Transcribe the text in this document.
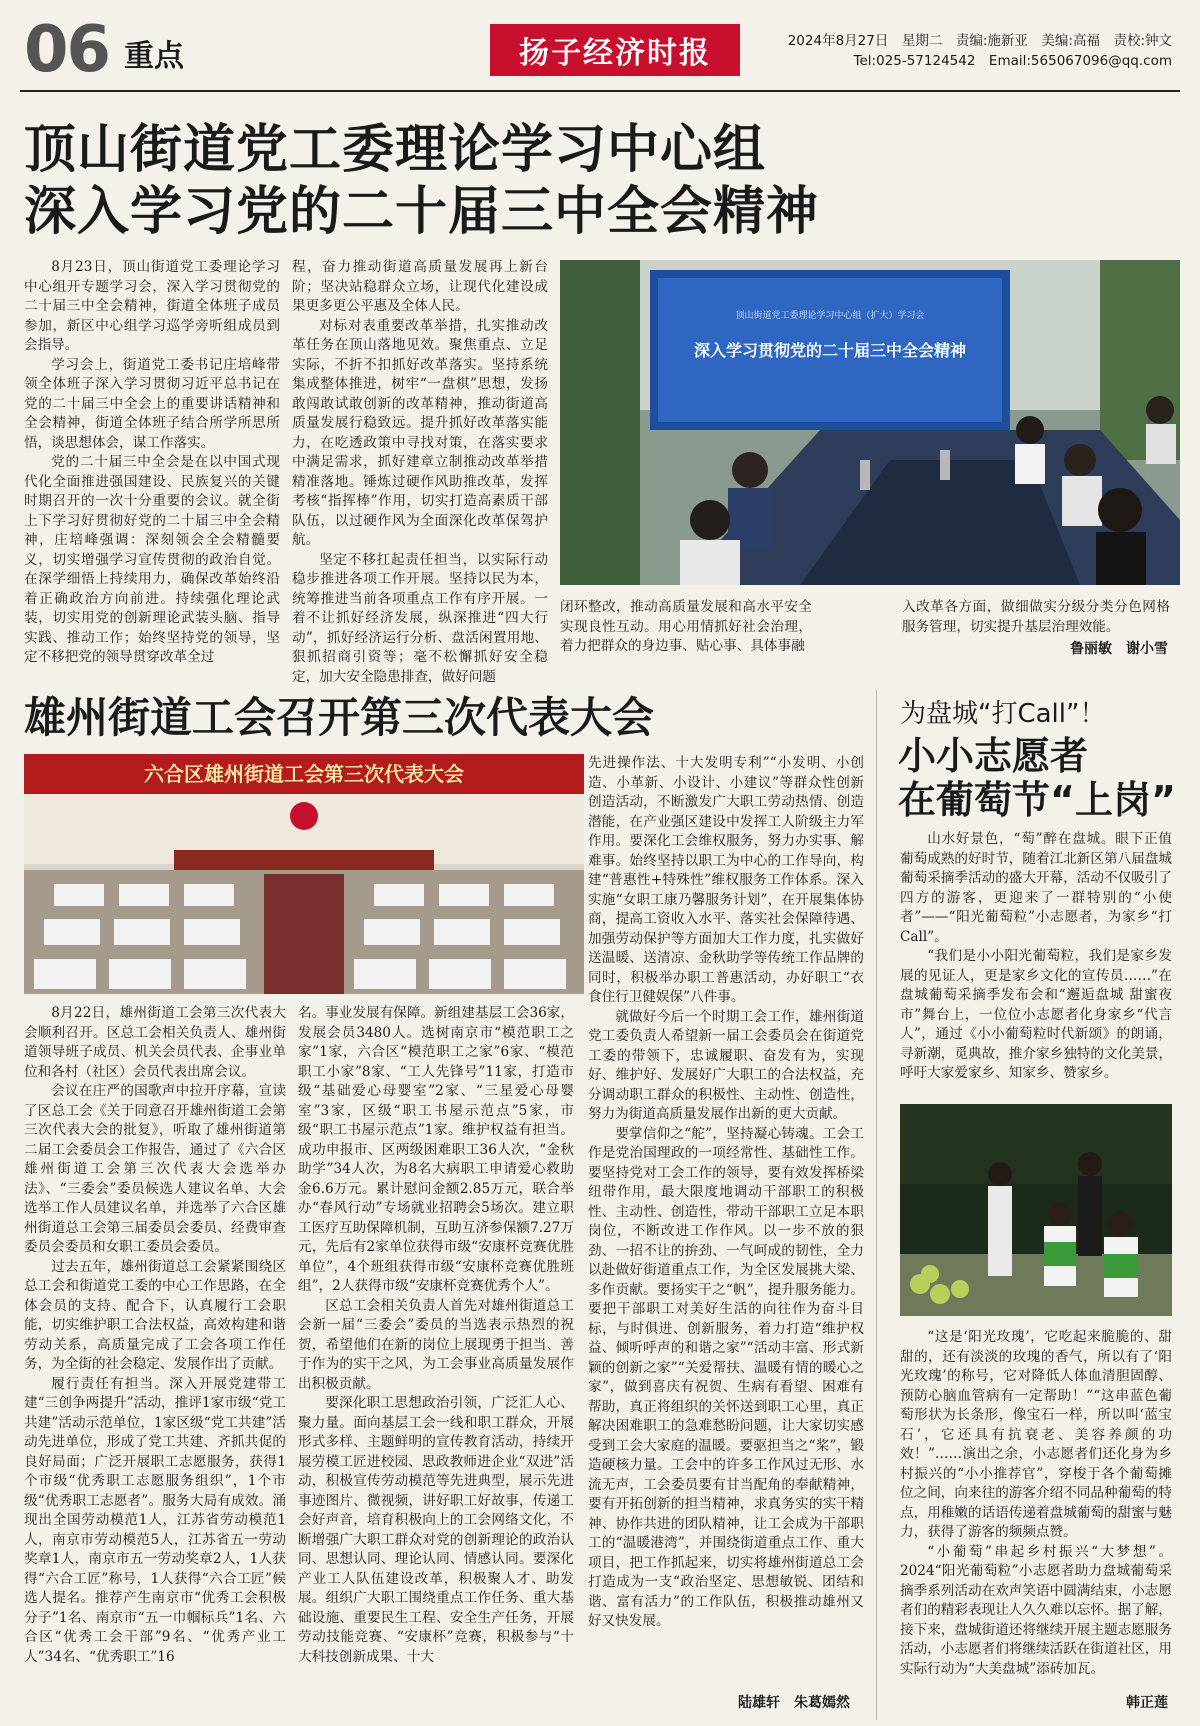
06 重点	扬子经济时报	2024年8月27日　星期二　责编:施新亚　美编:高福　责校:钟文
Tel:025-57124542　Email:565067096@qq.com
顶山街道党工委理论学习中心组
深入学习党的二十届三中全会精神

8月23日，顶山街道党工委理论学习中心组开专题学习会，深入学习贯彻党的二十届三中全会精神，街道全体班子成员参加，新区中心组学习巡学旁听组成员到会指导。

学习会上，街道党工委书记庄培峰带领全体班子深入学习贯彻习近平总书记在党的二十届三中全会上的重要讲话精神和全会精神，街道全体班子结合所学所思所悟，谈思想体会，谋工作落实。

党的二十届三中全会是在以中国式现代化全面推进强国建设、民族复兴的关键时期召开的一次十分重要的会议。就全街上下学习好贯彻好党的二十届三中全会精神，庄培峰强调：深刻领会全会精髓要义，切实增强学习宣传贯彻的政治自觉。在深学细悟上持续用力，确保改革始终沿着正确政治方向前进。持续强化理论武装，切实用党的创新理论武装头脑、指导实践、推动工作；始终坚持党的领导，坚定不移把党的领导贯穿改革全过

程，奋力推动街道高质量发展再上新台阶；坚决站稳群众立场，让现代化建设成果更多更公平惠及全体人民。

对标对表重要改革举措，扎实推动改革任务在顶山落地见效。聚焦重点、立足实际，不折不扣抓好改革落实。坚持系统集成整体推进，树牢“一盘棋”思想，发扬敢闯敢试敢创新的改革精神，推动街道高质量发展行稳致远。提升抓好改革落实能力，在吃透政策中寻找对策，在落实要求中满足需求，抓好建章立制推动改革举措精准落地。锤炼过硬作风助推改革，发挥考核“指挥棒”作用，切实打造高素质干部队伍，以过硬作风为全面深化改革保驾护航。

坚定不移扛起责任担当，以实际行动稳步推进各项工作开展。坚持以民为本，统筹推进当前各项重点工作有序开展。一着不让抓好经济发展，纵深推进“四大行动”，抓好经济运行分析、盘活闲置用地、狠抓招商引资等；毫不松懈抓好安全稳定，加大安全隐患排查，做好问题

顶山街道党工委理论学习中心组（扩大）学习会
深入学习贯彻党的二十届三中全会精神

闭环整改，推动高质量发展和高水平安全实现良性互动。用心用情抓好社会治理，着力把群众的身边事、贴心事、具体事融

入改革各方面，做细做实分级分类分色网格服务管理，切实提升基层治理效能。

鲁丽敏　谢小雪
雄州街道工会召开第三次代表大会
六合区雄州街道工会第三次代表大会

8月22日，雄州街道工会第三次代表大会顺利召开。区总工会相关负责人、雄州街道领导班子成员、机关会员代表、企事业单位和各村（社区）会员代表出席会议。

会议在庄严的国歌声中拉开序幕，宣读了区总工会《关于同意召开雄州街道工会第三次代表大会的批复》，听取了雄州街道第二届工会委员会工作报告，通过了《六合区雄州街道工会第三次代表大会选举办法》、“三委会”委员候选人建议名单、大会选举工作人员建议名单，并选举了六合区雄州街道总工会第三届委员会委员、经费审查委员会委员和女职工委员会委员。

过去五年，雄州街道总工会紧紧围绕区总工会和街道党工委的中心工作思路，在全体会员的支持、配合下，认真履行工会职能，切实维护职工合法权益，高效构建和谐劳动关系，高质量完成了工会各项工作任务，为全街的社会稳定、发展作出了贡献。

履行责任有担当。深入开展党建带工建“三创争两提升”活动，推评1家市级“党工共建”活动示范单位，1家区级“党工共建”活动先进单位，形成了党工共建、齐抓共促的良好局面；广泛开展职工志愿服务，获得1个市级“优秀职工志愿服务组织”，1个市级“优秀职工志愿者”。服务大局有成效。涌现出全国劳动模范1人，江苏省劳动模范1人，南京市劳动模范5人，江苏省五一劳动奖章1人，南京市五一劳动奖章2人，1人获得“六合工匠”称号，1人获得“六合工匠”候选人提名。推荐产生南京市“优秀工会积极分子”1名、南京市“五一巾帼标兵”1名、六合区“优秀工会干部”9名、“优秀产业工人”34名、“优秀职工”16

名。事业发展有保障。新组建基层工会36家，发展会员3480人。选树南京市“模范职工之家”1家，六合区“模范职工之家”6家、“模范职工小家”8家、“工人先锋号”11家，打造市级“基础爱心母婴室”2家、“三星爱心母婴室”3家，区级“职工书屋示范点”5家，市级“职工书屋示范点”1家。维护权益有担当。成功申报市、区两级困难职工36人次，“金秋助学”34人次，为8名大病职工申请爱心救助金6.6万元。累计慰问金额2.85万元，联合举办“春风行动”专场就业招聘会5场次。建立职工医疗互助保障机制，互助互济参保额7.27万元，先后有2家单位获得市级“安康杯竞赛优胜单位”，4个班组获得市级“安康杯竞赛优胜班组”，2人获得市级“安康杯竞赛优秀个人”。

区总工会相关负责人首先对雄州街道总工会新一届“三委会”委员的当选表示热烈的祝贺，希望他们在新的岗位上展现勇于担当、善于作为的实干之风，为工会事业高质量发展作出积极贡献。

要深化职工思想政治引领，广泛汇人心、聚力量。面向基层工会一线和职工群众，开展形式多样、主题鲜明的宣传教育活动，持续开展劳模工匠进校园、思政教师进企业“双进”活动，积极宣传劳动模范等先进典型，展示先进事迹图片、微视频，讲好职工好故事，传递工会好声音，培育积极向上的工会网络文化，不断增强广大职工群众对党的创新理论的政治认同、思想认同、理论认同、情感认同。要深化产业工人队伍建设改革，积极聚人才、助发展。组织广大职工围绕重点工作任务、重大基础设施、重要民生工程、安全生产任务，开展劳动技能竞赛、“安康杯”竞赛，积极参与“十大科技创新成果、十大

先进操作法、十大发明专利”“小发明、小创造、小革新、小设计、小建议”等群众性创新创造活动，不断激发广大职工劳动热情、创造潜能，在产业强区建设中发挥工人阶级主力军作用。要深化工会维权服务，努力办实事、解难事。始终坚持以职工为中心的工作导向，构建“普惠性+特殊性”维权服务工作体系。深入实施“女职工康乃馨服务计划”，在开展集体协商，提高工资收入水平、落实社会保障待遇、加强劳动保护等方面加大工作力度，扎实做好送温暖、送清凉、金秋助学等传统工作品牌的同时，积极举办职工普惠活动，办好职工“衣食住行卫健娱保”八件事。

就做好今后一个时期工会工作，雄州街道党工委负责人希望新一届工会委员会在街道党工委的带领下，忠诚履职、奋发有为，实现好、维护好、发展好广大职工的合法权益，充分调动职工群众的积极性、主动性、创造性，努力为街道高质量发展作出新的更大贡献。

要掌信仰之“舵”，坚持凝心铸魂。工会工作是党治国理政的一项经常性、基础性工作。要坚持党对工会工作的领导，要有效发挥桥梁纽带作用，最大限度地调动干部职工的积极性、主动性、创造性，带动干部职工立足本职岗位，不断改进工作作风。以一步不放的狠劲、一招不让的拚劲、一气呵成的韧性，全力以赴做好街道重点工作，为全区发展挑大梁、多作贡献。要扬实干之“帆”，提升服务能力。要把干部职工对美好生活的向往作为奋斗目标，与时俱进、创新服务，着力打造“维护权益、倾听呼声的和谐之家”“活动丰富、形式新颖的创新之家”“关爱帮扶、温暖有情的暖心之家”，做到喜庆有祝贺、生病有看望、困难有帮助，真正将组织的关怀送到职工心里，真正解决困难职工的急难愁盼问题，让大家切实感受到工会大家庭的温暖。要驱担当之“桨”，锻造硬核力量。工会中的许多工作风过无形、水流无声，工会委员要有甘当配角的奉献精神，要有开拓创新的担当精神，求真务实的实干精神、协作共进的团队精神，让工会成为干部职工的“温暖港湾”，并围绕街道重点工作、重大项目，把工作抓起来，切实将雄州街道总工会打造成为一支“政治坚定、思想敏锐、团结和谐、富有活力”的工作队伍，积极推动雄州又好又快发展。

陆雄轩　朱葛嫣然
为盘城“打Call”！
小小志愿者
在葡萄节“上岗”

山水好景色，“萄”醉在盘城。眼下正值葡萄成熟的好时节，随着江北新区第八届盘城葡萄采摘季活动的盛大开幕，活动不仅吸引了四方的游客，更迎来了一群特别的“小使者”——“阳光葡萄粒”小志愿者，为家乡“打Call”。

“我们是小小阳光葡萄粒，我们是家乡发展的见证人，更是家乡文化的宣传员……”在盘城葡萄采摘季发布会和“邂逅盘城 甜蜜夜市”舞台上，一位位小志愿者化身家乡“代言人”，通过《小小葡萄粒时代新颂》的朗诵，寻新潮，觅典故，推介家乡独特的文化美景，呼吁大家爱家乡、知家乡、赞家乡。

“这是‘阳光玫瑰’，它吃起来脆脆的、甜甜的，还有淡淡的玫瑰的香气，所以有了‘阳光玫瑰’的称号，它对降低人体血清胆固醇、预防心脑血管病有一定帮助！”“这串蓝色葡萄形状为长条形，像宝石一样，所以叫‘蓝宝石’，它还具有抗衰老、美容养颜的功效！”……演出之余，小志愿者们还化身为乡村振兴的“小小推荐官”，穿梭于各个葡萄摊位之间，向来往的游客介绍不同品种葡萄的特点，用稚嫩的话语传递着盘城葡萄的甜蜜与魅力，获得了游客的频频点赞。

“小葡萄”串起乡村振兴“大梦想”。2024“阳光葡萄粒”小志愿者助力盘城葡萄采摘季系列活动在欢声笑语中圆满结束，小志愿者们的精彩表现让人久久难以忘怀。据了解，接下来，盘城街道还将继续开展主题志愿服务活动，小志愿者们将继续活跃在街道社区，用实际行动为“大美盘城”添砖加瓦。

韩正莲
